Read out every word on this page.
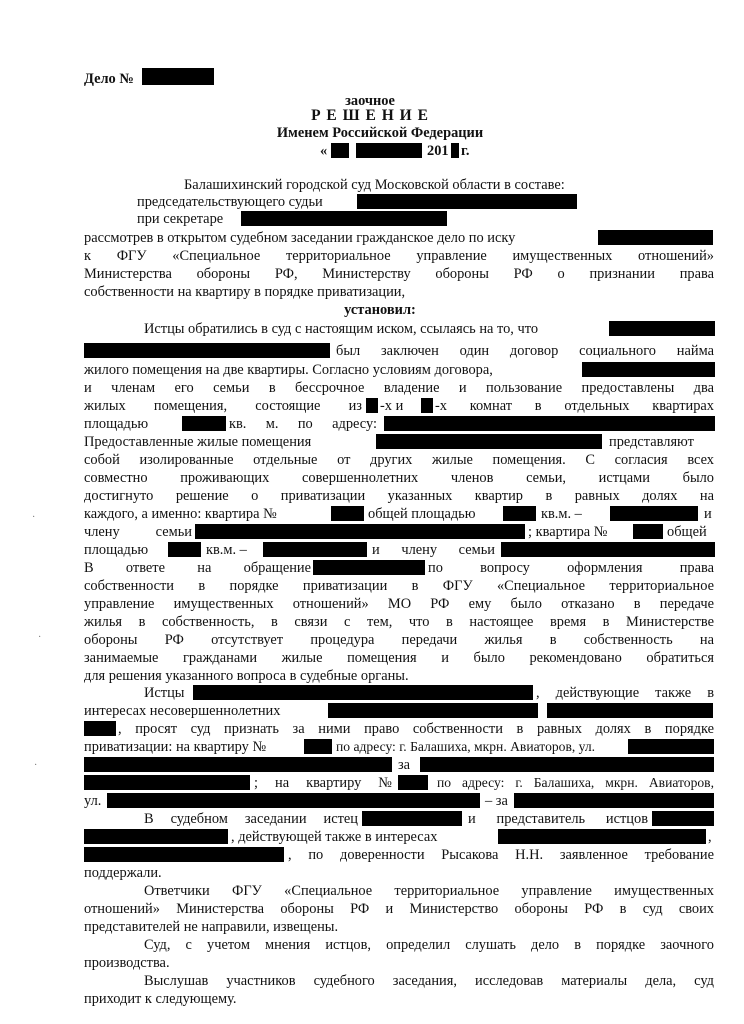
Дело №
заочное
Р Е Ш Е Н И Е
Именем Российской Федерации
«	201 г.
Балашихинский городской суд Московской области в составе:
председательствующего судьи
при секретаре
рассмотрев в открытом судебном заседании гражданское дело по иску
к ФГУ «Специальное территориальное управление имущественных отношений»
Министерства обороны РФ, Министерству обороны РФ о признании права
собственности на квартиру в порядке приватизации,
установил:
Истцы обратились в суд с настоящим иском, ссылаясь на то, что
был заключен один договор социального найма
жилого помещения на две квартиры. Согласно условиям договора,
и членам его семьи в бессрочное владение и пользование предоставлены два
жилых помещения, состоящие из -х и -х комнат в отдельных квартирах
площадью	кв. м. по адресу:
Предоставленные жилые помещения	представляют
собой изолированные отдельные от других жилые помещения. С согласия всех
совместно проживающих совершеннолетних членов семьи, истцами было
достигнуто решение о приватизации указанных квартир в равных долях на
каждого, а именно: квартира №	общей площадью	кв.м. –	и
члену семьи	; квартира №	общей
площадью	кв.м. –	и члену семьи
В ответе на обращение	по вопросу оформления права
собственности в порядке приватизации в ФГУ «Специальное территориальное
управление имущественных отношений» МО РФ ему было отказано в передаче
жилья в собственность, в связи с тем, что в настоящее время в Министерстве
обороны РФ отсутствует процедура передачи жилья в собственность на
занимаемые гражданами жилые помещения и было рекомендовано обратиться
для решения указанного вопроса в судебные органы.
Истцы	, действующие также в
интересах несовершеннолетних
, просят суд признать за ними право собственности в равных долях в порядке
приватизации: на квартиру №	по адресу: г. Балашиха, мкрн. Авиаторов, ул.
за
; на квартиру №	по адресу: г. Балашиха, мкрн. Авиаторов,
ул.	– за
В судебном заседании истец	и представитель истцов
, действующей также в интересах	,
, по доверенности Рысакова Н.Н. заявленное требование
поддержали.
Ответчики ФГУ «Специальное территориальное управление имущественных
отношений» Министерства обороны РФ и Министерство обороны РФ в суд своих
представителей не направили, извещены.
Суд, с учетом мнения истцов, определил слушать дело в порядке заочного
производства.
Выслушав участников судебного заседания, исследовав материалы дела, суд
приходит к следующему.
·
·
·
